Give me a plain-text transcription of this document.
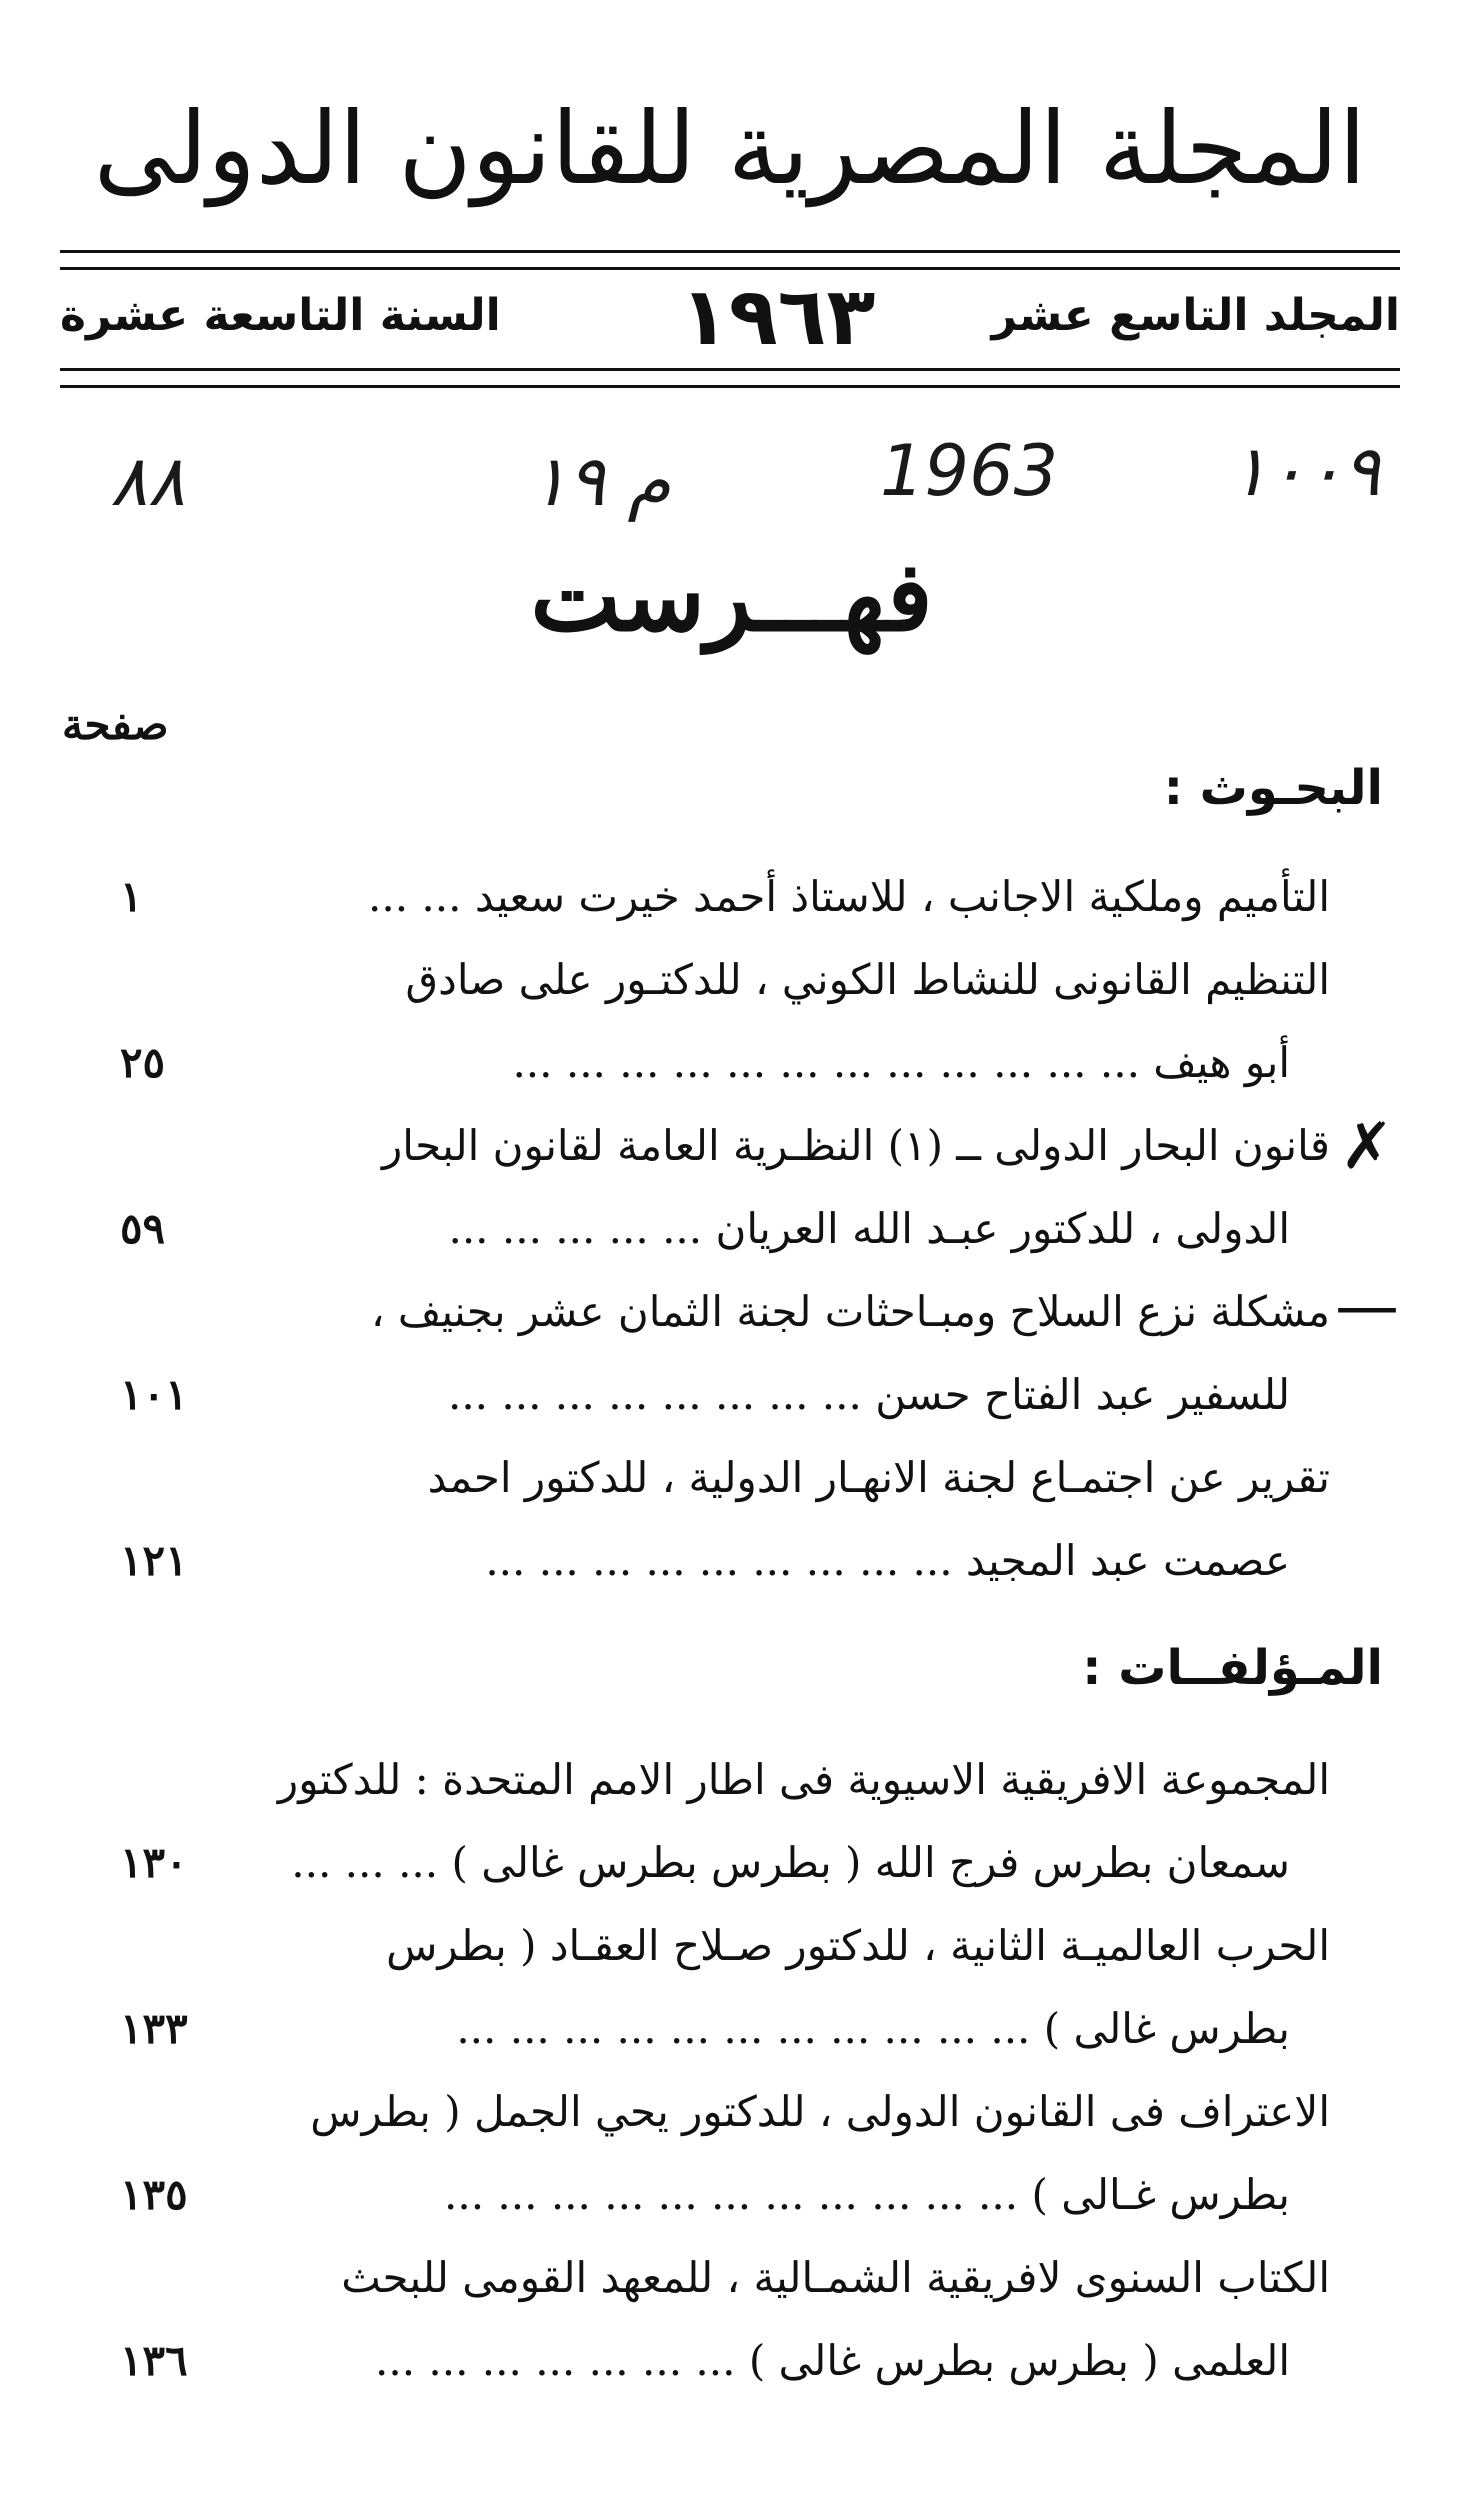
المجلة المصرية للقانون الدولى
المجلد التاسع عشر
١٩٦٣
السنة التاسعة عشرة
١٠٠٩
1963
م ١٩
٨٨
فهـــرست
صفحة
البحـوث :
التأميم وملكية الاجانب ، للاستاذ أحمد خيرت سعيد ... ...
١
التنظيم القانونى للنشاط الكوني ، للدكتـور على صادق
أبو هيف ... ... ... ... ... ... ... ... ... ... ... ...
٢٥
قانون البحار الدولى ــ (١) النظـرية العامة لقانون البحار
الدولى ، للدكتور عبـد الله العريان ... ... ... ... ...
٥٩
مشكلة نزع السلاح ومبـاحثات لجنة الثمان عشر بجنيف ،
للسفير عبد الفتاح حسن ... ... ... ... ... ... ... ...
١٠١
تقرير عن اجتمـاع لجنة الانهـار الدولية ، للدكتور احمد
عصمت عبد المجيد ... ... ... ... ... ... ... ... ...
١٢١
✗
—
المـؤلفــات :
المجموعة الافريقية الاسيوية فى اطار الامم المتحدة : للدكتور
سمعان بطرس فرج الله ( بطرس بطرس غالى ) ... ... ...
١٣٠
الحرب العالميـة الثانية ، للدكتور صـلاح العقـاد ( بطرس
بطرس غالى ) ... ... ... ... ... ... ... ... ... ... ...
١٣٣
الاعتراف فى القانون الدولى ، للدكتور يحي الجمل ( بطرس
بطرس غـالى ) ... ... ... ... ... ... ... ... ... ... ...
١٣٥
الكتاب السنوى لافريقية الشمـالية ، للمعهد القومى للبحث
العلمى ( بطرس بطرس غالى ) ... ... ... ... ... ... ...
١٣٦
